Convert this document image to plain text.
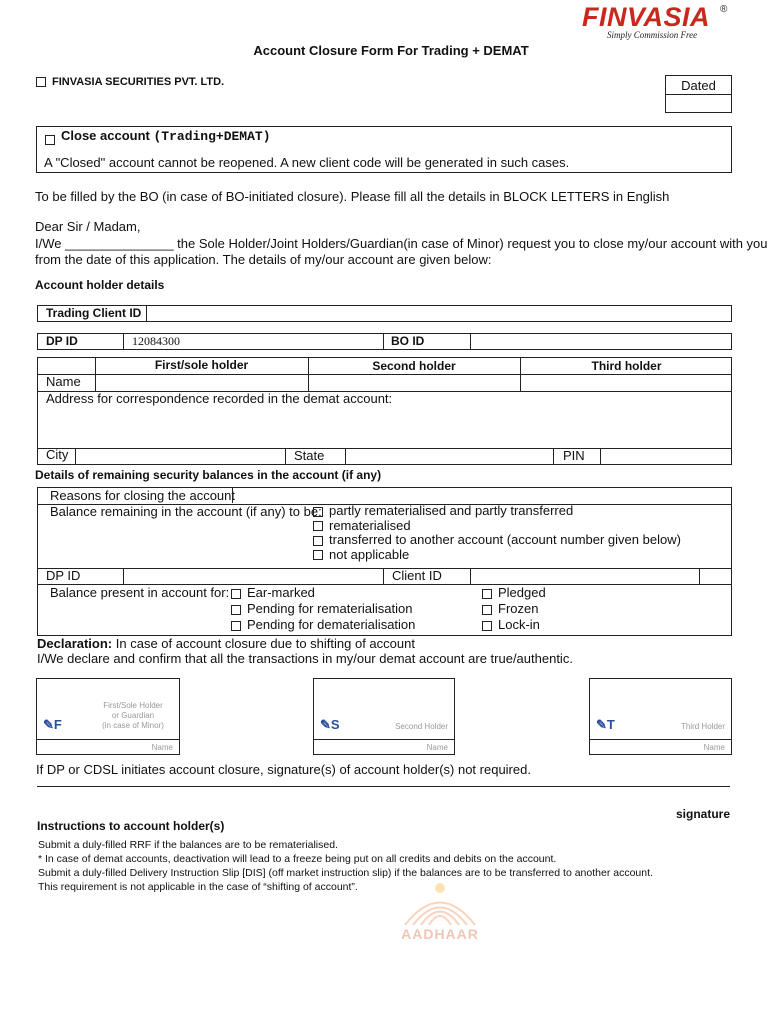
FINVASIA ®
Simply Commission Free
Account Closure Form For Trading + DEMAT
FINVASIA SECURITIES PVT. LTD.	Dated
Close account (Trading+DEMAT)
A "Closed" account cannot be reopened. A new client code will be generated in such cases.
To be filled by the BO (in case of BO-initiated closure). Please fill all the details in BLOCK LETTERS in English
Dear Sir / Madam,
I/We _______________ the Sole Holder/Joint Holders/Guardian(in case of Minor) request you to close my/our account with you
from the date of this application. The details of my/our account are given below:
Account holder details
Trading Client ID
DP ID	12084300	BO ID
First/sole holder	Second holder	Third holder
Name
Address for correspondence recorded in the demat account:
City	State	PIN
Details of remaining security balances in the account (if any)
Reasons for closing the account
Balance remaining in the account (if any) to be: partly rematerialised and partly transferred
rematerialised
transferred to another account (account number given below)
not applicable
DP ID	Client ID
Balance present in account for:	Ear-marked
Pending for rematerialisation
Pending for dematerialisation
Pledged
Frozen
Lock-in
Declaration: In case of account closure due to shifting of account
I/We declare and confirm that all the transactions in my/our demat account are true/authentic.
First/Sole Holder
or Guardian
(in case of Minor)
✎F
Name
Second Holder
✎S
Name
Third Holder
✎T
Name
If DP or CDSL initiates account closure, signature(s) of account holder(s) not required.
signature
Instructions to account holder(s)
Submit a duly-filled RRF if the balances are to be rematerialised.
* In case of demat accounts, deactivation will lead to a freeze being put on all credits and debits on the account.
Submit a duly-filled Delivery Instruction Slip [DIS] (off market instruction slip) if the balances are to be transferred to another account.
This requirement is not applicable in the case of “shifting of account”.
AADHAAR
